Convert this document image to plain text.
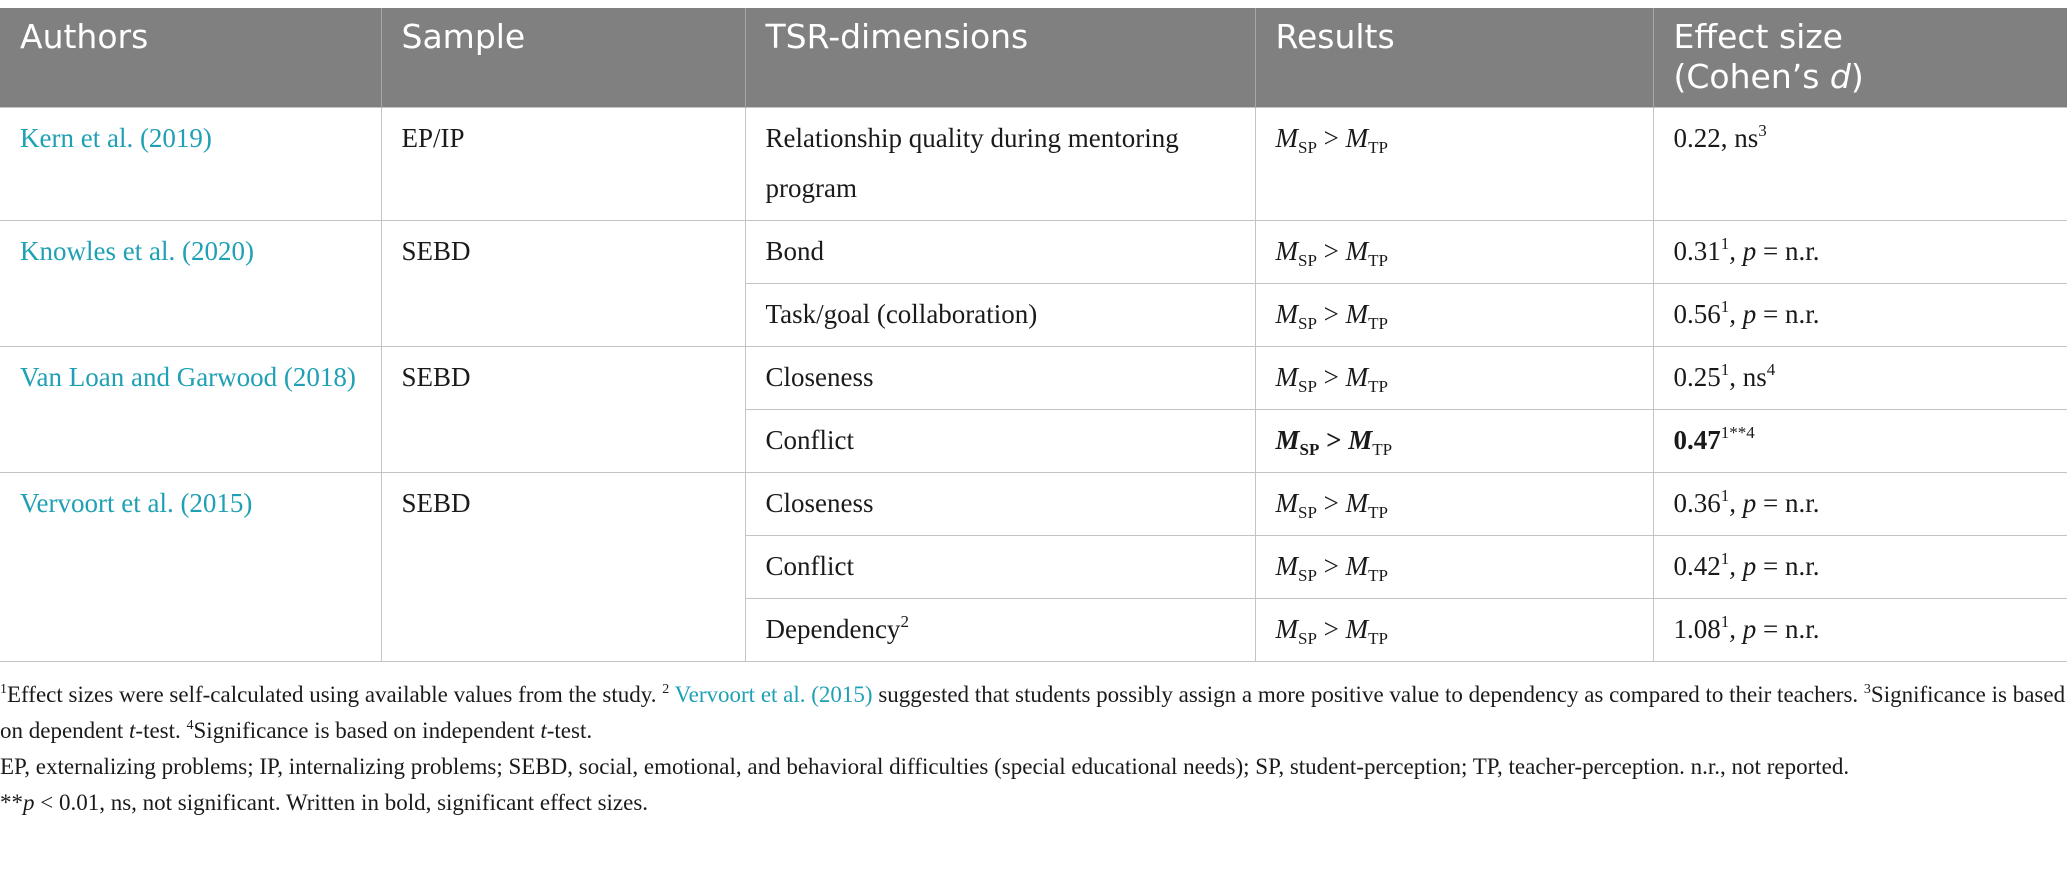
Authors	Sample	TSR-dimensions	Results	Effect size
(Cohen’s d)
Kern et al. (2019)	EP/IP	Relationship quality during mentoring program	$M_{SP} > M_{TP}$	0.22, $ns^3$
Knowles et al. (2020)	SEBD	Bond	$M_{SP} > M_{TP}$	0.31$^1$, p = n.r.
		Task/goal (collaboration)	$M_{SP} > M_{TP}$	0.56$^1$, p = n.r.
Van Loan and Garwood (2018)	SEBD	Closeness	$M_{SP} > M_{TP}$	0.25$^1$, $ns^4$
		Conflict	$M_{SP} > M_{TP}$	$0.47^{1**4}$
Vervoort et al. (2015)	SEBD	Closeness	$M_{SP} > M_{TP}$	0.36$^1$, p = n.r.
		Conflict	$M_{SP} > M_{TP}$	0.42$^1$, p = n.r.
		Dependency$^2$	$M_{SP} > M_{TP}$	1.08$^1$, p = n.r.

$^1$Effect sizes were self-calculated using available values from the study. $^2$ Vervoort et al. (2015) suggested that students possibly assign a more positive value to dependency as compared to their teachers. $^3$Significance is based on dependent t-test. $^4$Significance is based on independent t-test.

EP, externalizing problems; IP, internalizing problems; SEBD, social, emotional, and behavioral difficulties (special educational needs); SP, student-perception; TP, teacher-perception. n.r., not reported.

**p < 0.01, ns, not significant. Written in bold, significant effect sizes.
